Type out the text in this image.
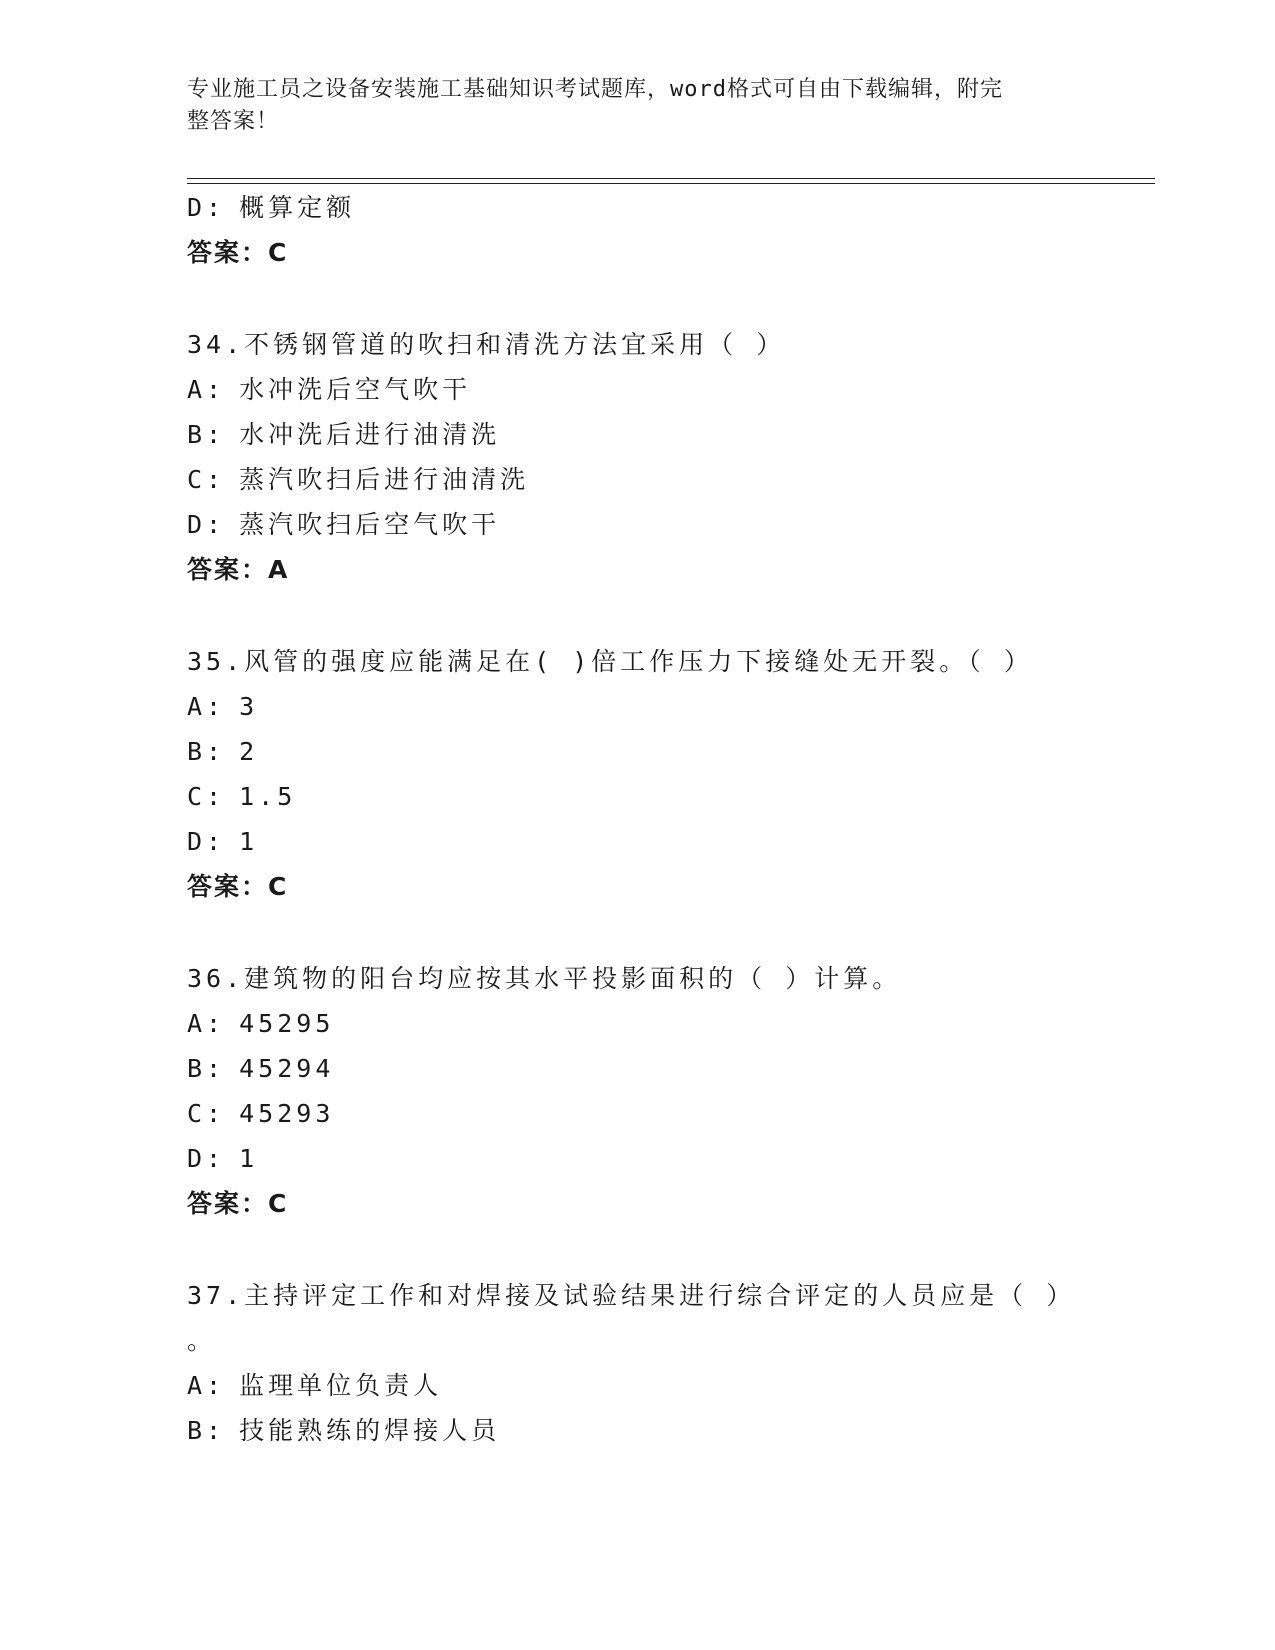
专业施工员之设备安装施工基础知识考试题库，word格式可自由下载编辑，附完
整答案！
D: 概算定额
答案：C
34.不锈钢管道的吹扫和清洗方法宜采用（ ）
A: 水冲洗后空气吹干
B: 水冲洗后进行油清洗
C: 蒸汽吹扫后进行油清洗
D: 蒸汽吹扫后空气吹干
答案：A
35.风管的强度应能满足在( )倍工作压力下接缝处无开裂。（ ）
A: 3
B: 2
C: 1.5
D: 1
答案：C
36.建筑物的阳台均应按其水平投影面积的（ ）计算。
A: 45295
B: 45294
C: 45293
D: 1
答案：C
37.主持评定工作和对焊接及试验结果进行综合评定的人员应是（ ）
。
A: 监理单位负责人
B: 技能熟练的焊接人员
